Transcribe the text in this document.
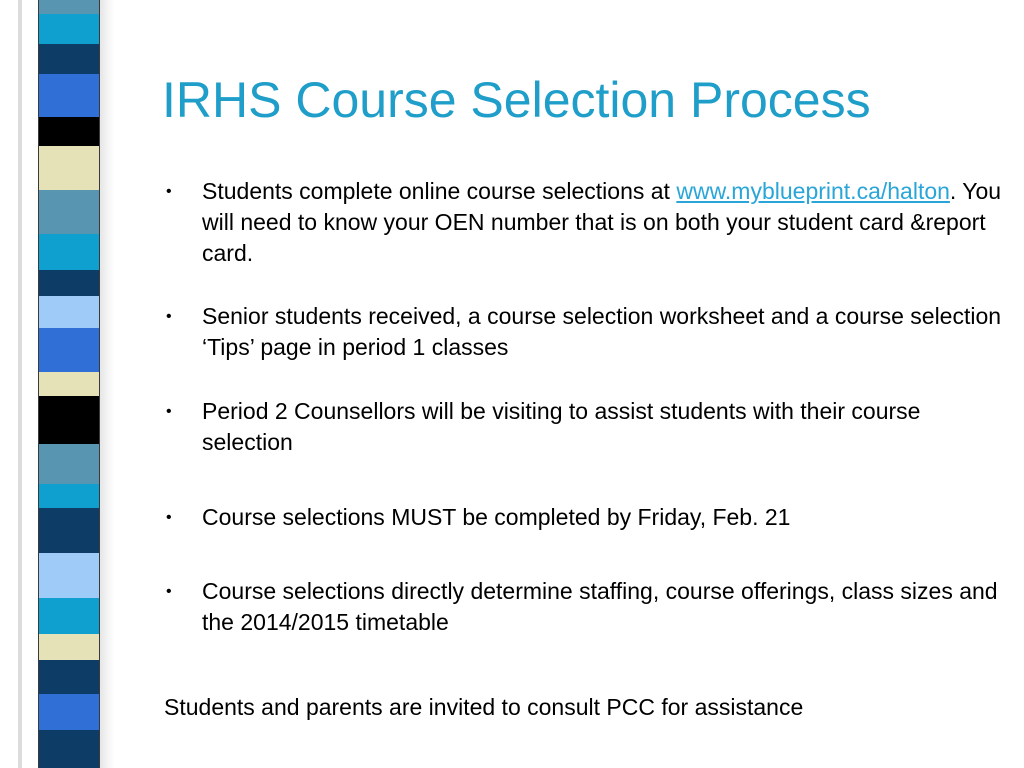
IRHS Course Selection Process
• Students complete online course selections at www.myblueprint.ca/halton. You will need to know your OEN number that is on both your student card &report card.
• Senior students received, a course selection worksheet and a course selection ‘Tips’ page in period 1 classes
• Period 2 Counsellors will be visiting to assist students with their course selection
• Course selections MUST be completed by Friday, Feb. 21
• Course selections directly determine staffing, course offerings, class sizes and the 2014/2015 timetable

Students and parents are invited to consult PCC for assistance
